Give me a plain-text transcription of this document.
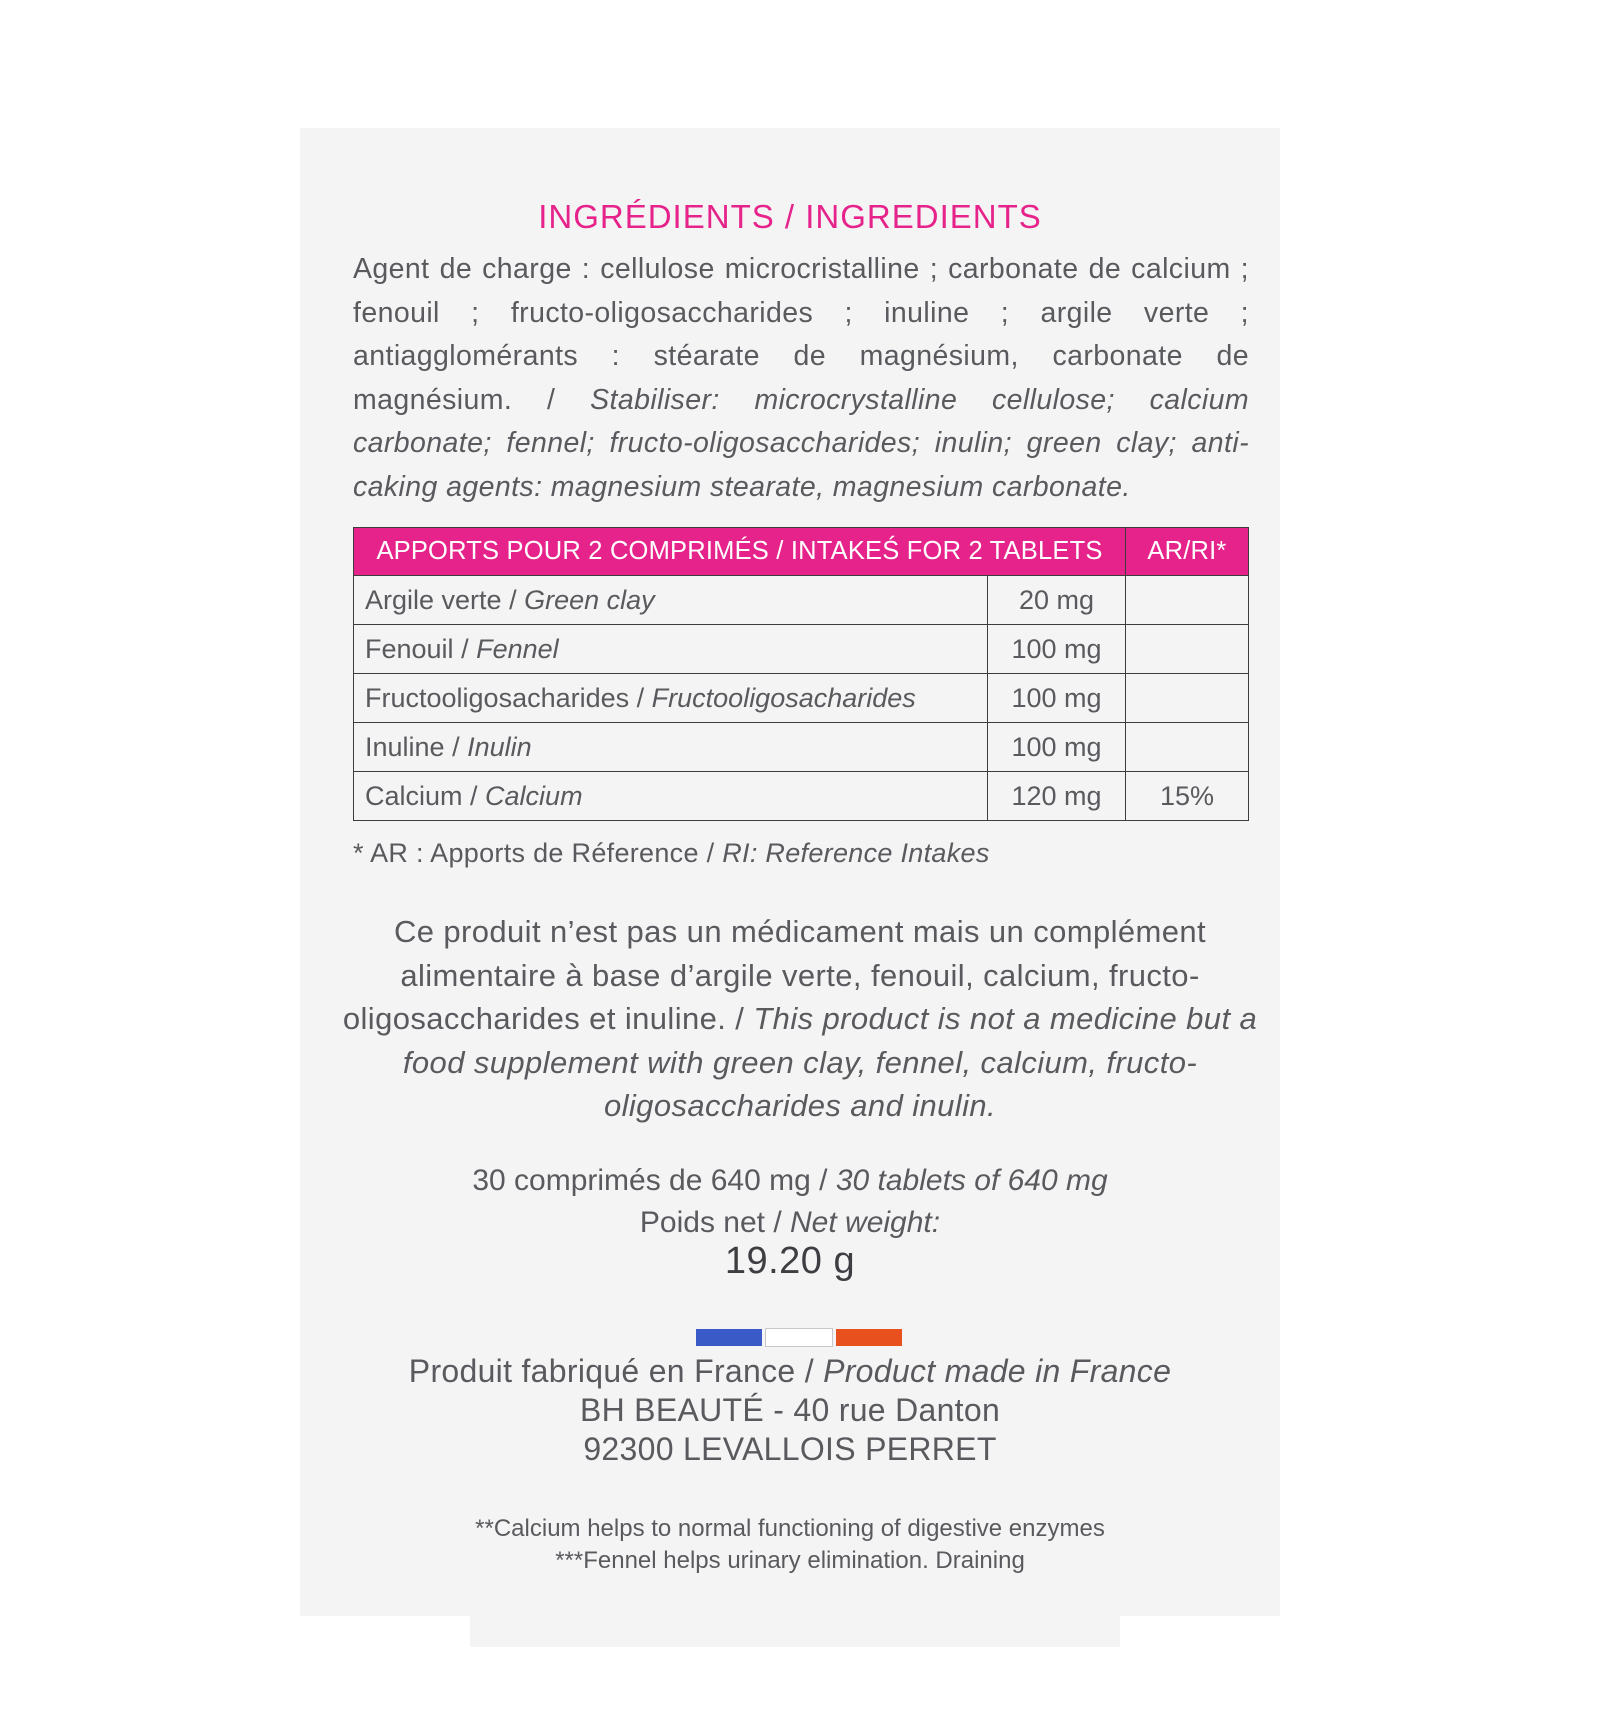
INGRÉDIENTS / INGREDIENTS
Agent de charge : cellulose microcristalline ; carbonate de calcium ; fenouil ; fructo-oligosaccharides ; inuline ; argile verte ; antiagglomérants : stéarate de magnésium, carbonate de magnésium. / Stabiliser: microcrystalline cellulose; calcium carbonate; fennel; fructo-oligosaccharides; inulin; green clay; anti-caking agents: magnesium stearate, magnesium carbonate.
APPORTS POUR 2 COMPRIMÉS / INTAKEŚ FOR 2 TABLETS		AR/RI*
Argile verte / Green clay	20 mg	
Fenouil / Fennel	100 mg	
Fructooligosacharides / Fructooligosacharides	100 mg	
Inuline / Inulin	100 mg	
Calcium / Calcium	120 mg	15%
* AR : Apports de Réference / RI: Reference Intakes
Ce produit n’est pas un médicament mais un complément alimentaire à base d’argile verte, fenouil, calcium, fructo-oligosaccharides et inuline. / This product is not a medicine but a food supplement with green clay, fennel, calcium, fructo-oligosaccharides and inulin.
30 comprimés de 640 mg / 30 tablets of 640 mg
Poids net / Net weight:
19.20 g
Produit fabriqué en France / Product made in France
BH BEAUTÉ - 40 rue Danton
92300 LEVALLOIS PERRET
**Calcium helps to normal functioning of digestive enzymes
***Fennel helps urinary elimination. Draining
